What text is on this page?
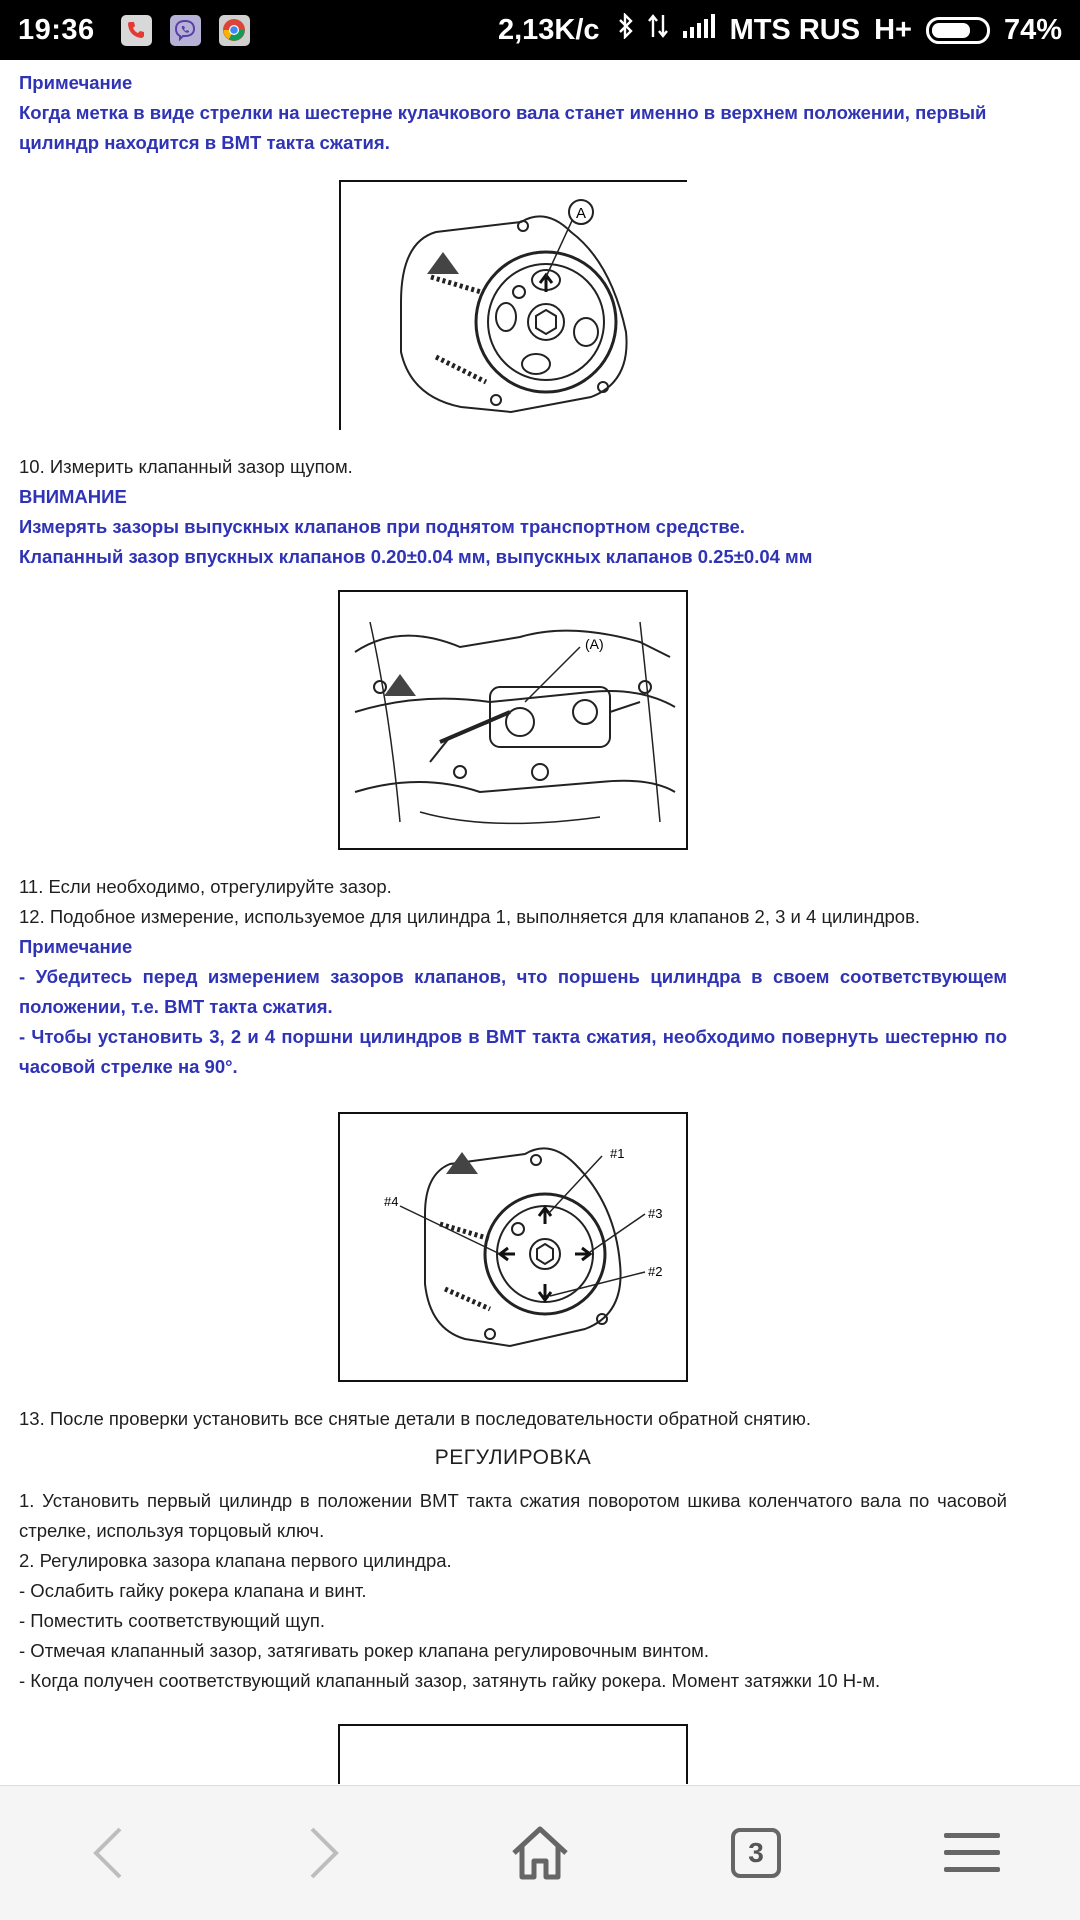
19:36	2,13K/c	MTS RUS H+	74%
Примечание
Когда метка в виде стрелки на шестерне кулачкового вала станет именно в верхнем положении, первый цилиндр находится в ВМТ такта сжатия.
A
10. Измерить клапанный зазор щупом.
ВНИМАНИЕ
Измерять зазоры выпускных клапанов при поднятом транспортном средстве.
Клапанный зазор впускных клапанов 0.20±0.04 мм, выпускных клапанов 0.25±0.04 мм
(A)
11. Если необходимо, отрегулируйте зазор.
12. Подобное измерение, используемое для цилиндра 1, выполняется для клапанов 2, 3 и 4 цилиндров.
Примечание
- Убедитесь перед измерением зазоров клапанов, что поршень цилиндра в своем соответствующем положении, т.е. ВМТ такта сжатия.
- Чтобы установить 3, 2 и 4 поршни цилиндров в ВМТ такта сжатия, необходимо повернуть шестерню по часовой стрелке на 90°.
#1
#2
#3
#4
13. После проверки установить все снятые детали в последовательности обратной снятию.
РЕГУЛИРОВКА
1. Установить первый цилиндр в положении ВМТ такта сжатия поворотом шкива коленчатого вала по часовой стрелке, используя торцовый ключ.
2. Регулировка зазора клапана первого цилиндра.
- Ослабить гайку рокера клапана и винт.
- Поместить соответствующий щуп.
- Отмечая клапанный зазор, затягивать рокер клапана регулировочным винтом.
- Когда получен соответствующий клапанный зазор, затянуть гайку рокера. Момент затяжки 10 Н-м.
3
